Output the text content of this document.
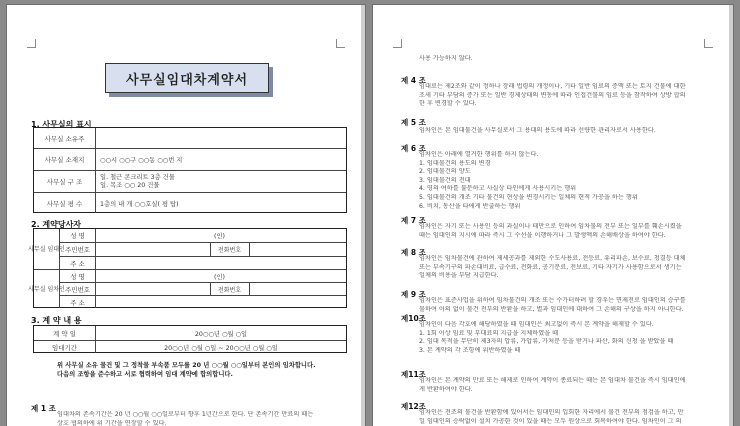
사무실임대차계약서
1. 사무실의 표시
사무실 소유주
사무실 소재지	○○시 ○○구 ○○동 ○○번 지
사무실 구 조
일. 철근 콘크리트 3층 건물
일. 목조 ○○ 20 건물
사무실 평 수	1층의 내 개 ○○호실( 평 탑)
2. 계약당사자
사무실 임대인
성 명	(인)
주민번호	전화번호
주 소
사무실 임차인
성 명	(인)
주민번호	전화번호
주 소
3. 계 약 내 용
계 약 일	20○○년 ○월 ○일
임대기간	20○○년 ○월 ○일 ~ 20○○년 ○월 ○일
위 사무실 소유 물건 및 그 정착물 부속품 모두를 20 년 ○○월 ○○일부터 본인의 임차합니다.
다음의 조항을 준수하고 서로 협력하여 임대 계약에 합의합니다.
제 1 조
임대차의 존속기간은 20 년 ○○월 ○○일로부터 향후 1년간으로 한다. 단 존속기간 만료의 때는
상호 협의하에 위 기간을 연장할 수 있다.
사용 가능하지 않다.
제 4 조
임대료는 제2조와 같이 정하나 장래 법령의 개정이나, 기타 일반 임료의 증액 또는 토지 건물에 대한
조세 기타 부담의 증가 또는 일반 경제상태의 변동에 따라 인접건물의 임료 등을 참작하여 상방 합의
한 후 변경할 수 있다.
제 5 조
임차인은 본 임대물건을 사무실로서 그 용대의 용도에 따라 선량한 관리자로서 사용한다.
제 6 조
임차인은 아래에 열거한 행위를 하지 않는다.
1. 임대물건의 용도의 변경
2. 임대물건의 양도
3. 임대물건의 전대
4. 영의 여하를 불문하고 사실상 타인에게 사용시키는 행위
5. 임대물건의 개조 기타 물건의 현상을 변경시키는 일체의 현적 가공을 하는 행위
6. 비치, 동산을 타에게 반출하는 행위
제 7 조
임차인은 자기 또는 사용인 등의 과실이나 태만으로 인하여 임차물의 전부 또는 일부를 훼손시켰을
때는 임대인의 지시에 따라 즉시 그 수선을 이행하거나 그 발생액의 손해배상을 하여야 한다.
제 8 조
임차인은 임차물건에 관하여 제세공과를 제외한 수도사용료, 전등료, 유리파손, 보수료, 청결등 대체
또는 부속기구의 파손대비료, 급수료, 전화료, 공기분료, 전보료, 기타 자기가 사용함으로서 생기는
일체의 비용을 부담 지급한다.
제 9 조
임차인은 표준사업을 위하여 임차물건의 개조 또는 수가터하려 할 경우는 면제전로 임대인의 승구를
물하여 이의 없이 물건 전부의 반환을 하고, 별과 임대인에 대하여 그 손해의 구상을 하지 아니한다.
제10조
임차인이 다음 각호에 해당하였을 때 임대인은 최고없이 즉시 본 계약을 해제할 수 있다.
1. 1회 이상 임료 및 부대료의 지급을 지체하였을 때
2. 임대 목적을 무단히 제3자의 압류, 가압류, 가처분 등을 받거나 파산, 화의 신청 을 받았을 때
3. 본 계약의 각 조항에 위반하였을 때
제11조
임차인은 본 계약의 만료 또는 해제로 인하여 계약이 종료되는 때는 본 임대차 물건을 즉시 임대인에
게 반환하여야 한다.
제12조
임차인은 전조의 물건을 반환함에 있어서는 임대인의 입회한 자리에서 물건 전부의 점검을 하고, 만
일 임대인의 승락없이 설치 가공한 것이 있을 때는 모두 원상으로 회복하여야 한다. 임차인이 그 의
